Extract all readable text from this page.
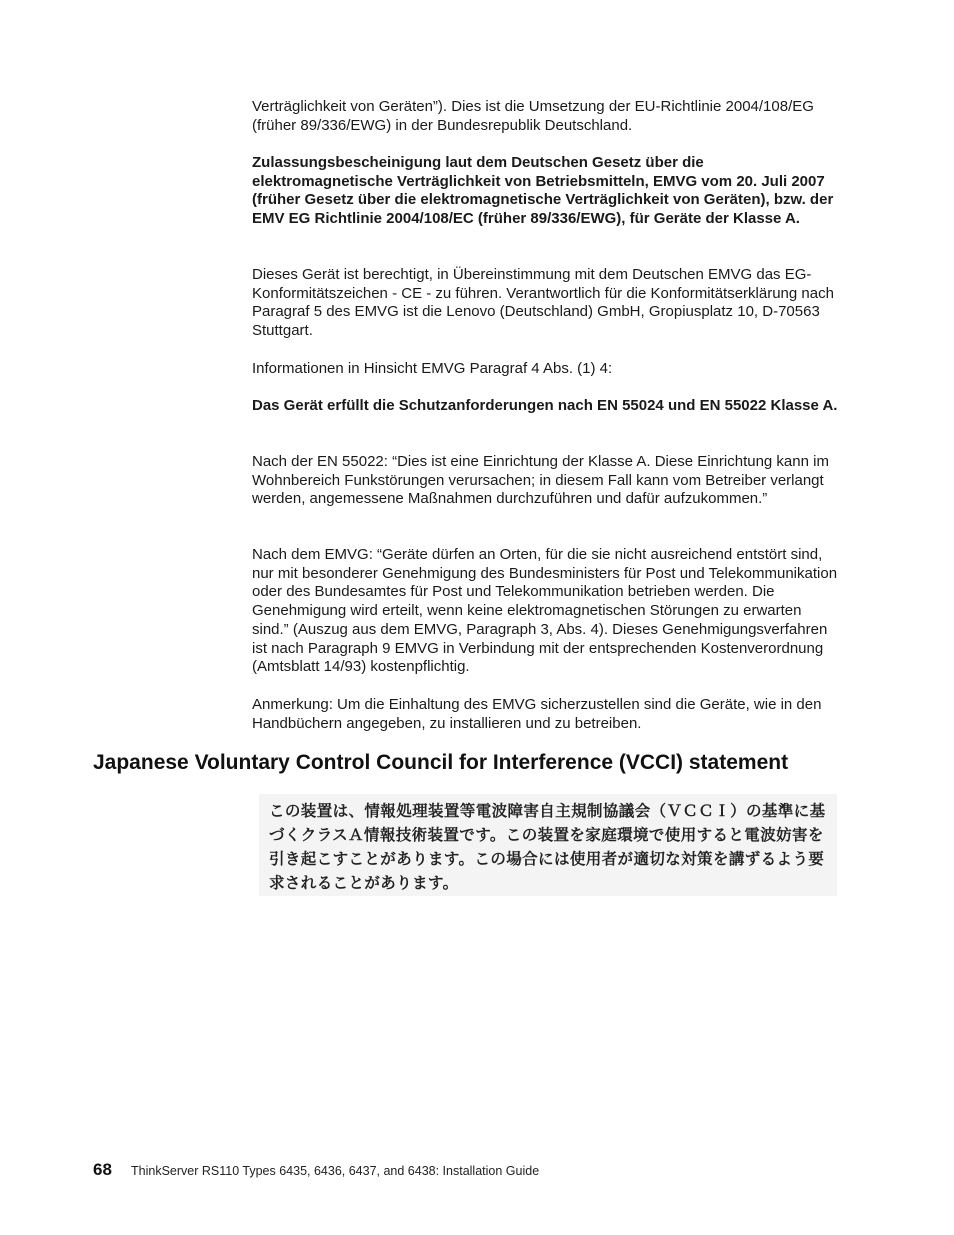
Verträglichkeit von Geräten”). Dies ist die Umsetzung der EU-Richtlinie 2004/108/EG (früher 89/336/EWG) in der Bundesrepublik Deutschland.

Zulassungsbescheinigung laut dem Deutschen Gesetz über die elektromagnetische Verträglichkeit von Betriebsmitteln, EMVG vom 20. Juli 2007 (früher Gesetz über die elektromagnetische Verträglichkeit von Geräten), bzw. der EMV EG Richtlinie 2004/108/EC (früher 89/336/EWG), für Geräte der Klasse A.

Dieses Gerät ist berechtigt, in Übereinstimmung mit dem Deutschen EMVG das EG-Konformitätszeichen - CE - zu führen. Verantwortlich für die Konformitätserklärung nach Paragraf 5 des EMVG ist die Lenovo (Deutschland) GmbH, Gropiusplatz 10, D-70563 Stuttgart.

Informationen in Hinsicht EMVG Paragraf 4 Abs. (1) 4:

Das Gerät erfüllt die Schutzanforderungen nach EN 55024 und EN 55022 Klasse A.

Nach der EN 55022: “Dies ist eine Einrichtung der Klasse A. Diese Einrichtung kann im Wohnbereich Funkstörungen verursachen; in diesem Fall kann vom Betreiber verlangt werden, angemessene Maßnahmen durchzuführen und dafür aufzukommen.”

Nach dem EMVG: “Geräte dürfen an Orten, für die sie nicht ausreichend entstört sind, nur mit besonderer Genehmigung des Bundesministers für Post und Telekommunikation oder des Bundesamtes für Post und Telekommunikation betrieben werden. Die Genehmigung wird erteilt, wenn keine elektromagnetischen Störungen zu erwarten sind.” (Auszug aus dem EMVG, Paragraph 3, Abs. 4). Dieses Genehmigungsverfahren ist nach Paragraph 9 EMVG in Verbindung mit der entsprechenden Kostenverordnung (Amtsblatt 14/93) kostenpflichtig.

Anmerkung: Um die Einhaltung des EMVG sicherzustellen sind die Geräte, wie in den Handbüchern angegeben, zu installieren und zu betreiben.

Japanese Voluntary Control Council for Interference (VCCI) statement

この装置は、情報処理装置等電波障害自主規制協議会（ＶＣＣＩ）の基準に基づくクラスＡ情報技術装置です。この装置を家庭環境で使用すると電波妨害を引き起こすことがあります。この場合には使用者が適切な対策を講ずるよう要求されることがあります。

68 ThinkServer RS110 Types 6435, 6436, 6437, and 6438: Installation Guide
